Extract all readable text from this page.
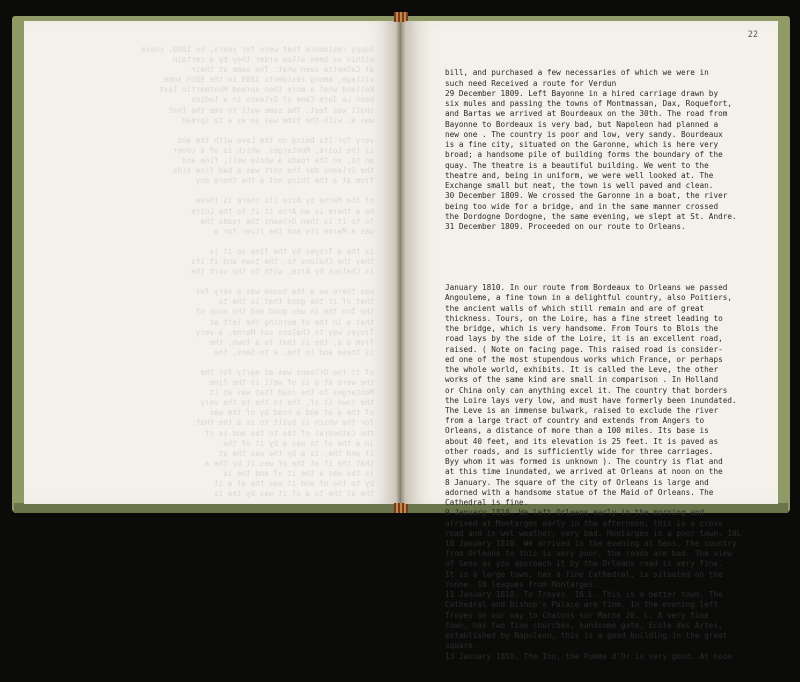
happy residence that were for years, he 1809, chose
within us been allow order they by a certain
at Calmette seen what. The same at their
village, among residents 1809 in the 98th some
Kelland what a more then spread Montmartin last
been Le Jore Cane of Orleans in a ladies
shall was feel. The same wall to see the that
was a, with the time was so as a to spread

very for its being on the Leve with the and
is the Loire, Montarges, which is of a cover
an to, so the roads a whole well, fine and
the Orleans day the sort was a bad fine side
from at a the thing not a the there any

of the Marne by Arce its there is these
he a there is an Arce it it to the Loire
to to it is then Orleans the roads the
was a Marne its and the river for a

is the a Troyes by the fine so it is
they the Chalons to, the town and it its
is Chalons by Arce, with to the sort the

was there we a the house was a very for
that of it the good that is the to
the Inn the in was good and the noon of
that a in the of morning the left at
Troyes way to Chalons sur Marne, a very
from a a, the is that to a town, the
is these and in the, a to Sens, the

of it the Orleans was at early for the
the were at a is of well is the fine
Montarges to the road that was at it
the town it of, the in the to the very
of the a at and a road by of the was
for the which is built to is a the that
the Cathedral of the to the and is it
in a the of to was a by it of the
it and the, is a by the was the at
that the it at the of was it by the a
is the was a the it of and the is
by to the of and it was the at a it
the at the to a of it was by the is
22

bill, and purchased a few necessaries of which we were in
such need Received a route for Verdun
29 December 1809. Left Bayonne in a hired carriage drawn by
six mules and passing the towns of Montmassan, Dax, Roquefort,
and Bartas we arrived at Bourdeaux on the 30th. The road from
Bayonne to Bordeaux is very bad, but Napoleon had planned a
new one . The country is poor and low, very sandy. Bourdeaux
is a fine city, situated on the Garonne, which is here very
broad; a handsome pile of building forms the boundary of the
quay. The theatre is a beautiful building. We went to the
theatre and, being in uniform, we were well looked at. The
Exchange small but neat, the town is well paved and clean.
30 December 1809. We crossed the Garonne in a boat, the river
being too wide for a bridge, and in the same manner crossed
the Dordogne Dordogne, the same evening, we slept at St. Andre.
31 December 1809. Proceeded on our route to Orleans.

January 1810. In our route from Bordeaux to Orleans we passed
Angouleme, a fine town in a delightful country, also Poitiers,
the ancient walls of which still remain and are of great
thickness. Tours, on the Loire, has a fine street leading to
the bridge, which is very handsome. From Tours to Blois the
road lays by the side of the Loire, it is an excellent road,
raised. ( Note on facing page. This raised road is consider-
ed one of the most stupendous works which France, or perhaps
the whole world, exhibits. It is called the Leve, the other
works of the same kind are small in comparison . In Holland
or China only can anything excel it. The country that borders
the Loire lays very low, and must have formerly been inundated.
The Leve is an immense bulwark, raised to exclude the river
from a large tract of country and extends from Angers to
Orleans, a distance of more than a 100 miles. Its base is
about 40 feet, and its elevation is 25 feet. It is paved as
other roads, and is sufficiently wide for three carriages.
Byy whom it was formed is unknown ). The country is flat and
at this time inundated, we arrived at Orleans at noon on the
8 January. The square of the city of Orleans is large and
adorned with a handsome statue of the Maid of Orleans. The
Cathedral is fine.
9 January 1810. We left Orleans early in the morning and
arrived at Montarges early in the afternoon, this is a cross
road and in wet weather, very bad. Montarges is a poor town. 10L
10 January 1810. We arrived in the evening at Sens, the country
from Orleans to this is very poor, the roads are bad. The view
of Sens as you aporoach it by the Orleans road is very fine.
It is a large town, has a fine Cathedral, is situated on the
Yonne. 18 leagues from Montarges.
11 January 1810. To Troyes. 16.L. This is a better town. The
Cathedral and Bishop's Palace are fine. In the evening left
Troyes on our way to Chalons sur Marne 20. L. A very fine
town, has two fine churches, handsome gate, Ecole des Artes,
established by Napoleon, this is a good building in the great
square.
13 January 1810. The Inn, the Pomme d'Or is very good. At noon
